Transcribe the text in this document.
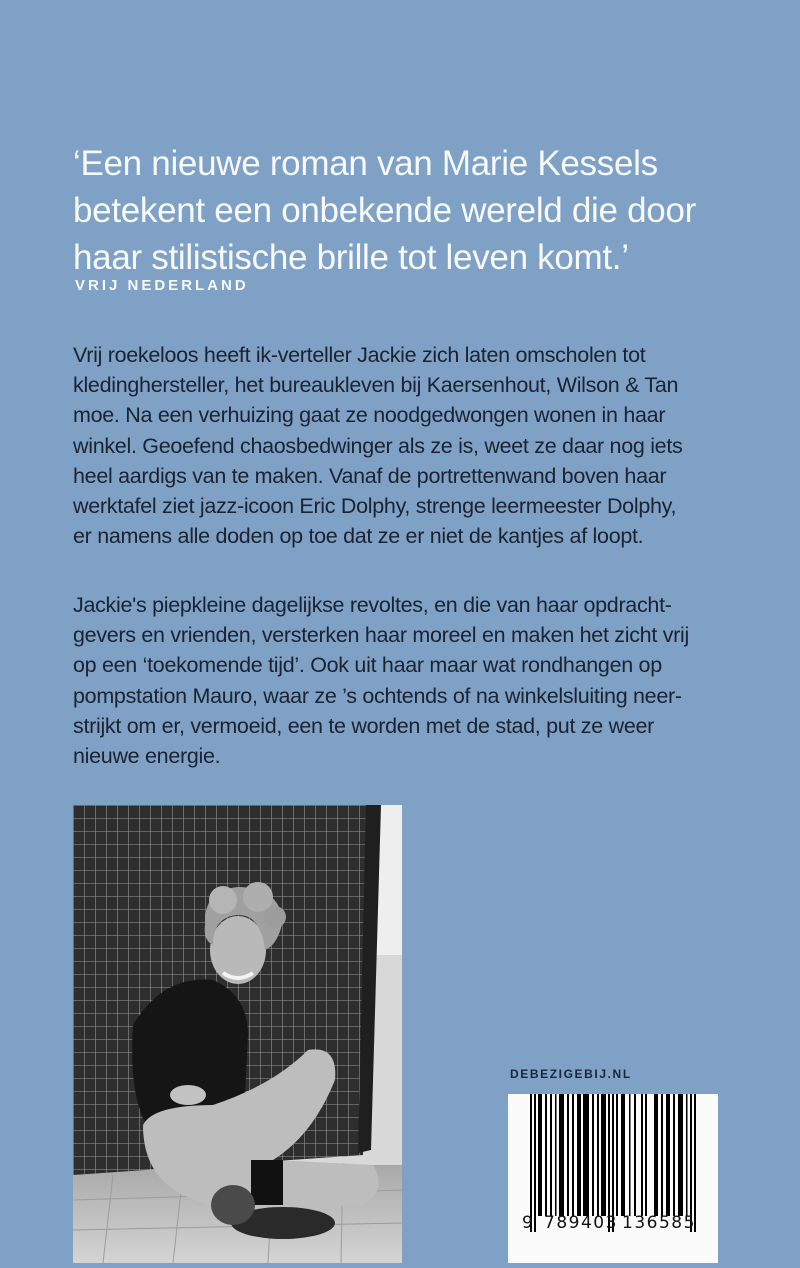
‘Een nieuwe roman van Marie Kessels
betekent een onbekende wereld die door
haar stilistische brille tot leven komt.’
VRIJ NEDERLAND

Vrij roekeloos heeft ik-verteller Jackie zich laten omscholen tot
kledinghersteller, het bureaukleven bij Kaersenhout, Wilson & Tan
moe. Na een verhuizing gaat ze noodgedwongen wonen in haar
winkel. Geoefend chaosbedwinger als ze is, weet ze daar nog iets
heel aardigs van te maken. Vanaf de portrettenwand boven haar
werktafel ziet jazz-icoon Eric Dolphy, strenge leermeester Dolphy,
er namens alle doden op toe dat ze er niet de kantjes af loopt.

Jackie's piepkleine dagelijkse revoltes, en die van haar opdracht-
gevers en vrienden, versterken haar moreel en maken het zicht vrij
op een ‘toekomende tijd’. Ook uit haar maar wat rondhangen op
pompstation Mauro, waar ze ’s ochtends of na winkelsluiting neer-
strijkt om er, vermoeid, een te worden met de stad, put ze weer
nieuwe energie.

DEBEZIGEBIJ.NL
9 789403 136585
